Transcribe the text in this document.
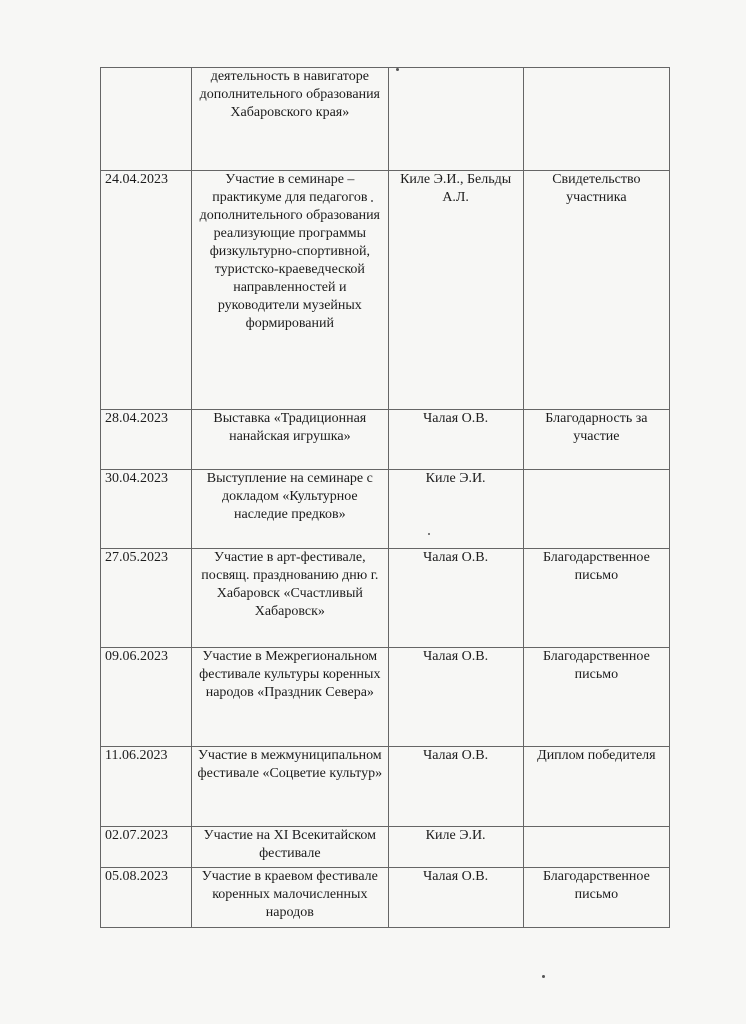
	деятельность в навигаторе дополнительного образования Хабаровского края»		
24.04.2023	Участие в семинаре – практикуме для педагогов дополнительного образования реализующие программы физкультурно-спортивной, туристско-краеведческой направленностей и руководители музейных формирований	Киле Э.И., Бельды А.Л.	Свидетельство участника
28.04.2023	Выставка «Традиционная нанайская игрушка»	Чалая О.В.	Благодарность за участие
30.04.2023	Выступление на семинаре с докладом «Культурное наследие предков»	Киле Э.И.	
27.05.2023	Участие в арт-фестивале, посвящ. празднованию дню г. Хабаровск «Счастливый Хабаровск»	Чалая О.В.	Благодарственное письмо
09.06.2023	Участие в Межрегиональном фестивале культуры коренных народов «Праздник Севера»	Чалая О.В.	Благодарственное письмо
11.06.2023	Участие в межмуниципальном фестивале «Соцветие культур»	Чалая О.В.	Диплом победителя
02.07.2023	Участие на XI Всекитайском фестивале	Киле Э.И.	
05.08.2023	Участие в краевом фестивале коренных малочисленных народов	Чалая О.В.	Благодарственное письмо
